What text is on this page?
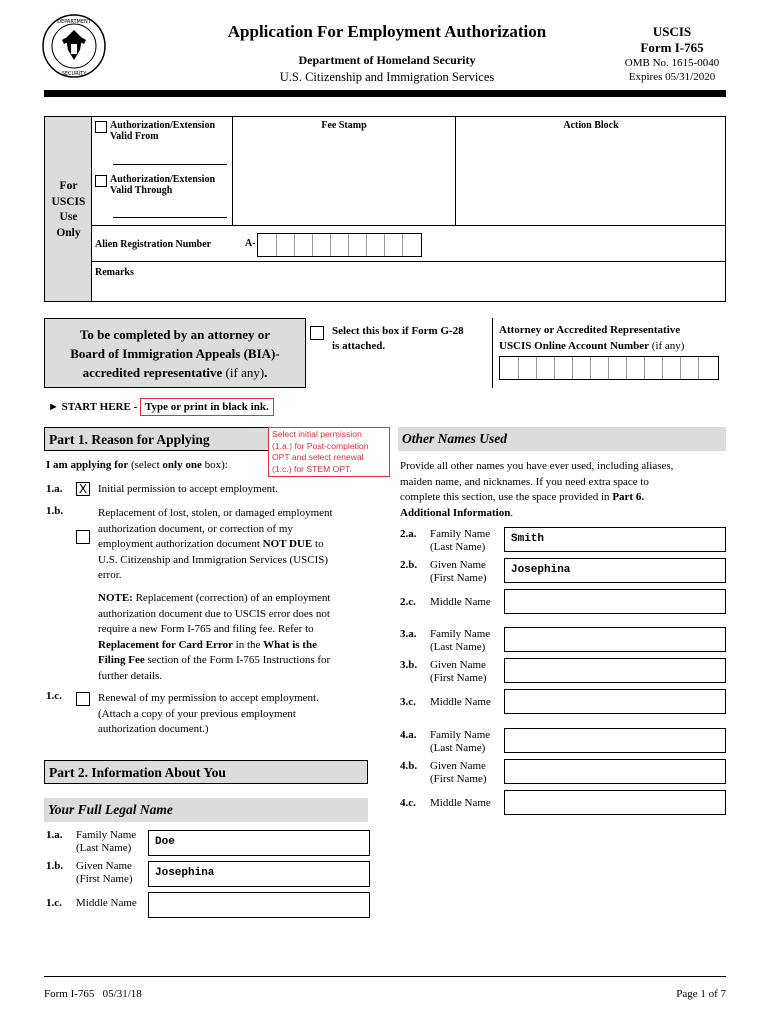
DEPARTMENT
SECURITY
Application For Employment Authorization
Department of Homeland Security
U.S. Citizenship and Immigration Services
USCIS
Form I-765
OMB No. 1615-0040
Expires 05/31/2020
For
USCIS
Use
Only
Authorization/Extension
Valid From
Authorization/Extension
Valid Through
Fee Stamp	Action Block
Alien Registration Number	A-
Remarks
To be completed by an attorney or
Board of Immigration Appeals (BIA)-
accredited representative (if any).
Select this box if Form G-28
is attached.
Attorney or Accredited Representative
USCIS Online Account Number (if any)
► START HERE - Type or print in black ink.
Part 1. Reason for Applying	Select initial permission
(1.a.) for Post-completion
OPT and select renewal
(1.c.) for STEM OPT.
I am applying for (select only one box):
1.a. X Initial permission to accept employment.
1.b.	Replacement of lost, stolen, or damaged employment
authorization document, or correction of my
employment authorization document NOT DUE to
U.S. Citizenship and Immigration Services (USCIS)
error.
NOTE: Replacement (correction) of an employment
authorization document due to USCIS error does not
require a new Form I-765 and filing fee. Refer to
Replacement for Card Error in the What is the
Filing Fee section of the Form I-765 Instructions for
further details.
1.c.	Renewal of my permission to accept employment.
(Attach a copy of your previous employment
authorization document.)
Part 2. Information About You
Your Full Legal Name
1.a. Family Name
(Last Name)	Doe
1.b. Given Name
(First Name)	Josephina
1.c. Middle Name
Other Names Used
Provide all other names you have ever used, including aliases,
maiden name, and nicknames. If you need extra space to
complete this section, use the space provided in Part 6.
Additional Information.
2.a. Family Name
(Last Name)
Smith
2.b. Given Name
(First Name)
Josephina
2.c. Middle Name
3.a. Family Name
(Last Name)
3.b. Given Name
(First Name)
3.c. Middle Name
4.a. Family Name
(Last Name)
4.b. Given Name
(First Name)
4.c. Middle Name
Form I-765   05/31/18	Page 1 of 7
